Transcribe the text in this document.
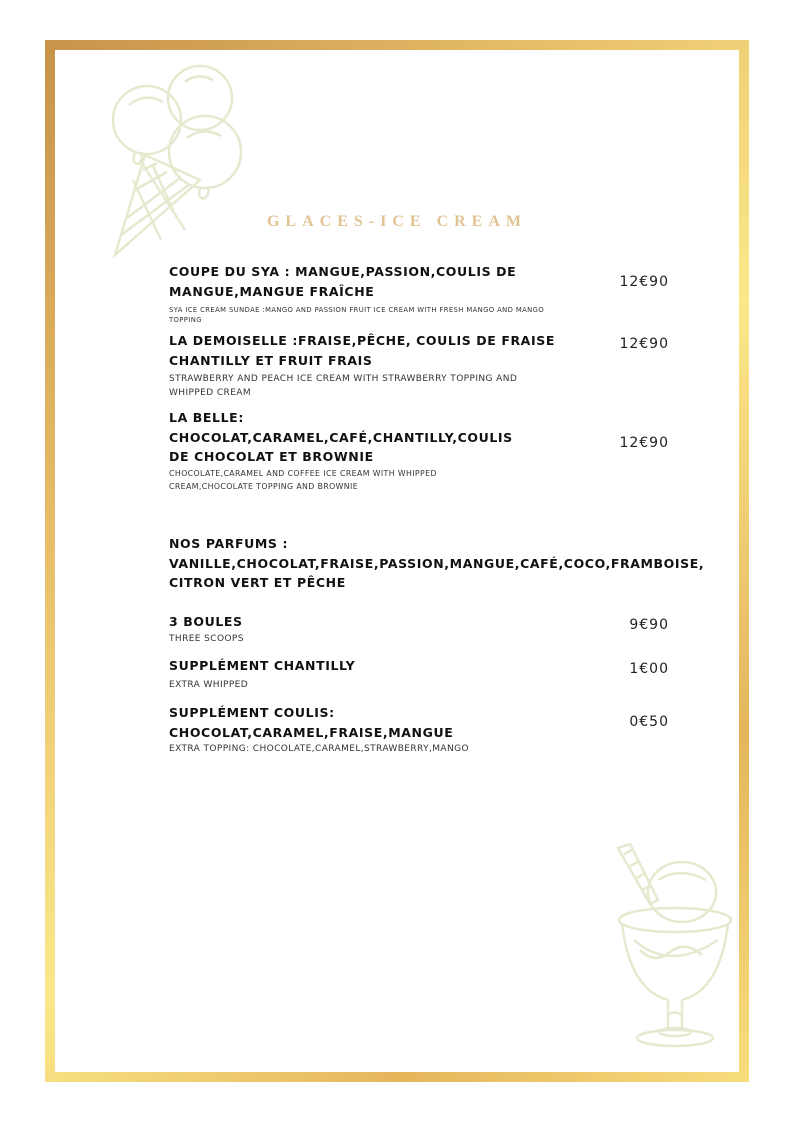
GLACES-ICE CREAM
COUPE DU SYA : MANGUE,PASSION,COULIS DE MANGUE,MANGUE FRAÎCHE
SYA ICE CREAM SUNDAE :MANGO AND PASSION FRUIT ICE CREAM WITH FRESH MANGO AND MANGO TOPPING
12€90
LA DEMOISELLE :FRAISE,PÊCHE, COULIS DE FRAISE CHANTILLY ET FRUIT FRAIS
STRAWBERRY AND PEACH ICE CREAM WITH STRAWBERRY TOPPING AND WHIPPED CREAM
12€90
LA BELLE: CHOCOLAT,CARAMEL,CAFÉ,CHANTILLY,COULIS DE CHOCOLAT ET BROWNIE
CHOCOLATE,CARAMEL AND COFFEE ICE CREAM WITH WHIPPED CREAM,CHOCOLATE TOPPING AND BROWNIE
12€90
NOS PARFUMS :
VANILLE,CHOCOLAT,FRAISE,PASSION,MANGUE,CAFÉ,COCO,FRAMBOISE, CITRON VERT ET PÊCHE
3 BOULES
THREE SCOOPS
9€90
SUPPLÉMENT CHANTILLY
EXTRA WHIPPED
1€00
SUPPLÉMENT COULIS: CHOCOLAT,CARAMEL,FRAISE,MANGUE
EXTRA TOPPING: CHOCOLATE,CARAMEL,STRAWBERRY,MANGO
0€50
